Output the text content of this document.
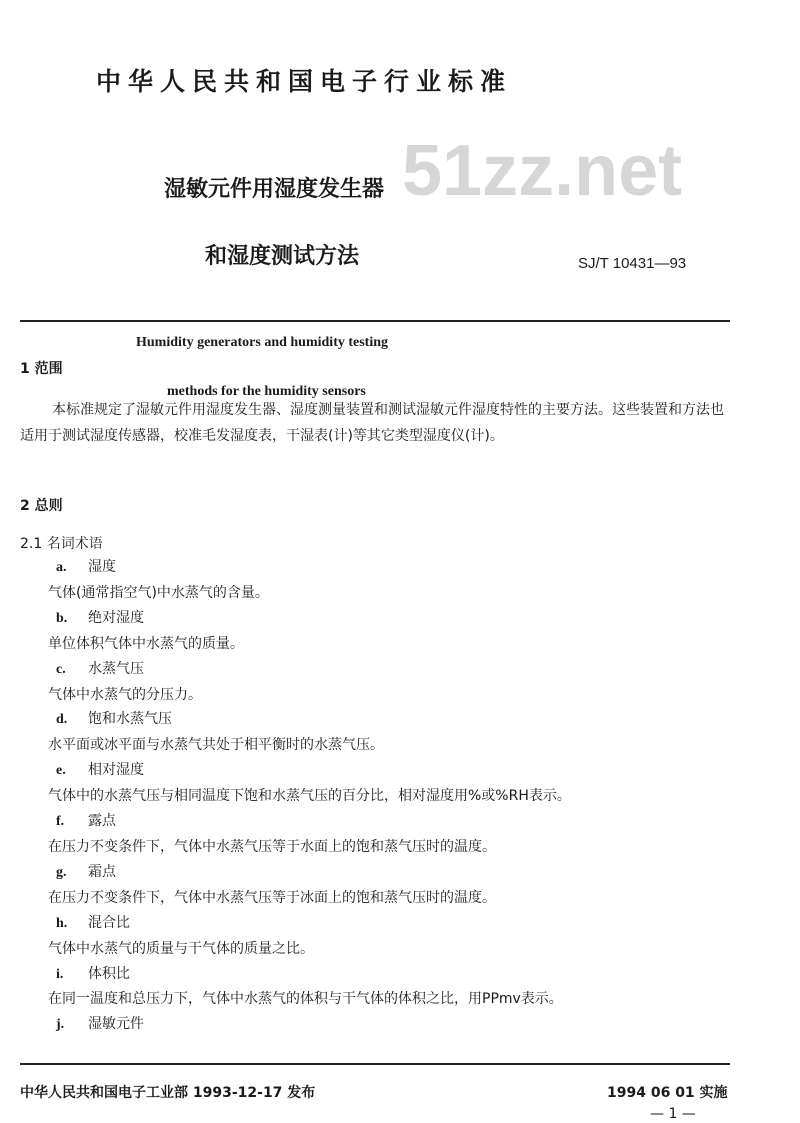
51zz.net
中华人民共和国电子行业标准
湿敏元件用湿度发生器
和湿度测试方法	SJ/T 10431—93
Humidity generators and humidity testing
methods for the humidity sensors
1 范围
本标准规定了湿敏元件用湿度发生器、湿度测量装置和测试湿敏元件湿度特性的主要方法。这些装置和方法也适用于测试湿度传感器，校准毛发湿度表，干湿表(计)等其它类型湿度仪(计)。
2 总则
2.1 名词术语
a. 湿度
气体(通常指空气)中水蒸气的含量。
b. 绝对湿度
单位体积气体中水蒸气的质量。
c. 水蒸气压
气体中水蒸气的分压力。
d. 饱和水蒸气压
水平面或冰平面与水蒸气共处于相平衡时的水蒸气压。
e. 相对湿度
气体中的水蒸气压与相同温度下饱和水蒸气压的百分比，相对湿度用%或%RH表示。
f. 露点
在压力不变条件下，气体中水蒸气压等于水面上的饱和蒸气压时的温度。
g. 霜点
在压力不变条件下，气体中水蒸气压等于冰面上的饱和蒸气压时的温度。
h. 混合比
气体中水蒸气的质量与干气体的质量之比。
i. 体积比
在同一温度和总压力下，气体中水蒸气的体积与干气体的体积之比，用PPmv表示。
j. 湿敏元件
中华人民共和国电子工业部 1993-12-17 发布	1994 06 01 实施
— 1 —
